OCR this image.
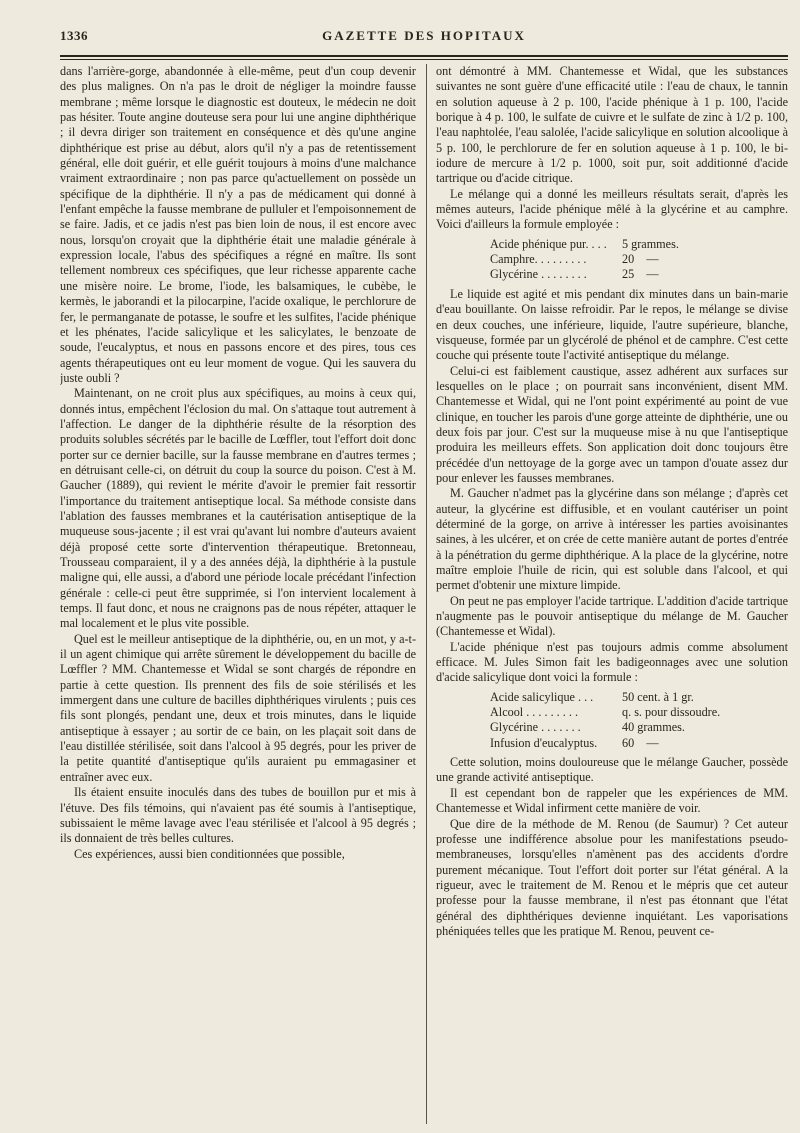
1336	GAZETTE DES HOPITAUX

dans l'arrière-gorge, abandonnée à elle-même, peut d'un coup devenir des plus malignes. On n'a pas le droit de négliger la moindre fausse membrane ; même lorsque le diagnostic est douteux, le médecin ne doit pas hésiter. Toute angine douteuse sera pour lui une angine diphthérique ; il devra diriger son traitement en conséquence et dès qu'une angine diphthérique est prise au début, alors qu'il n'y a pas de retentissement général, elle doit guérir, et elle guérit toujours à moins d'une malchance vraiment extraordinaire ; non pas parce qu'actuellement on possède un spécifique de la diphthérie. Il n'y a pas de médicament qui donné à l'enfant empêche la fausse membrane de pulluler et l'empoisonnement de se faire. Jadis, et ce jadis n'est pas bien loin de nous, il est encore avec nous, lorsqu'on croyait que la diphthérie était une maladie générale à expression locale, l'abus des spécifiques a régné en maître. Ils sont tellement nombreux ces spécifiques, que leur richesse apparente cache une misère noire. Le brome, l'iode, les balsamiques, le cubèbe, le kermès, le jaborandi et la pilocarpine, l'acide oxalique, le perchlorure de fer, le permanganate de potasse, le soufre et les sulfites, l'acide phénique et les phénates, l'acide salicylique et les salicylates, le benzoate de soude, l'eucalyptus, et nous en passons encore et des pires, tous ces agents thérapeutiques ont eu leur moment de vogue. Qui les sauvera du juste oubli ?

Maintenant, on ne croit plus aux spécifiques, au moins à ceux qui, donnés intus, empêchent l'éclosion du mal. On s'attaque tout autrement à l'affection. Le danger de la diphthérie résulte de la résorption des produits solubles sécrétés par le bacille de Lœffler, tout l'effort doit donc porter sur ce dernier bacille, sur la fausse membrane en d'autres termes ; en détruisant celle-ci, on détruit du coup la source du poison. C'est à M. Gaucher (1889), qui revient le mérite d'avoir le premier fait ressortir l'importance du traitement antiseptique local. Sa méthode consiste dans l'ablation des fausses membranes et la cautérisation antiseptique de la muqueuse sous-jacente ; il est vrai qu'avant lui nombre d'auteurs avaient déjà proposé cette sorte d'intervention thérapeutique. Bretonneau, Trousseau comparaient, il y a des années déjà, la diphthérie à la pustule maligne qui, elle aussi, a d'abord une période locale précédant l'infection générale : celle-ci peut être supprimée, si l'on intervient localement à temps. Il faut donc, et nous ne craignons pas de nous répéter, attaquer le mal localement et le plus vite possible.

Quel est le meilleur antiseptique de la diphthérie, ou, en un mot, y a-t-il un agent chimique qui arrête sûrement le développement du bacille de Lœffler ? MM. Chantemesse et Widal se sont chargés de répondre en partie à cette question. Ils prennent des fils de soie stérilisés et les immergent dans une culture de bacilles diphthériques virulents ; puis ces fils sont plongés, pendant une, deux et trois minutes, dans le liquide antiseptique à essayer ; au sortir de ce bain, on les plaçait soit dans de l'eau distillée stérilisée, soit dans l'alcool à 95 degrés, pour les priver de la petite quantité d'antiseptique qu'ils auraient pu emmagasiner et entraîner avec eux.

Ils étaient ensuite inoculés dans des tubes de bouillon pur et mis à l'étuve. Des fils témoins, qui n'avaient pas été soumis à l'antiseptique, subissaient le même lavage avec l'eau stérilisée et l'alcool à 95 degrés ; ils donnaient de très belles cultures.

Ces expériences, aussi bien conditionnées que possible,

ont démontré à MM. Chantemesse et Widal, que les substances suivantes ne sont guère d'une efficacité utile : l'eau de chaux, le tannin en solution aqueuse à 2 p. 100, l'acide phénique à 1 p. 100, l'acide borique à 4 p. 100, le sulfate de cuivre et le sulfate de zinc à 1/2 p. 100, l'eau naphtolée, l'eau salolée, l'acide salicylique en solution alcoolique à 5 p. 100, le perchlorure de fer en solution aqueuse à 1 p. 100, le bi-iodure de mercure à 1/2 p. 1000, soit pur, soit additionné d'acide tartrique ou d'acide citrique.

Le mélange qui a donné les meilleurs résultats serait, d'après les mêmes auteurs, l'acide phénique mêlé à la glycérine et au camphre. Voici d'ailleurs la formule employée :

Acide phénique pur. . . .	5 grammes.
Camphre. . . . . . . . .	20    —
Glycérine . . . . . . . .	25    —

Le liquide est agité et mis pendant dix minutes dans un bain-marie d'eau bouillante. On laisse refroidir. Par le repos, le mélange se divise en deux couches, une inférieure, liquide, l'autre supérieure, blanche, visqueuse, formée par un glycérolé de phénol et de camphre. C'est cette couche qui présente toute l'activité antiseptique du mélange.

Celui-ci est faiblement caustique, assez adhérent aux surfaces sur lesquelles on le place ; on pourrait sans inconvénient, disent MM. Chantemesse et Widal, qui ne l'ont point expérimenté au point de vue clinique, en toucher les parois d'une gorge atteinte de diphthérie, une ou deux fois par jour. C'est sur la muqueuse mise à nu que l'antiseptique produira les meilleurs effets. Son application doit donc toujours être précédée d'un nettoyage de la gorge avec un tampon d'ouate assez dur pour enlever les fausses membranes.

M. Gaucher n'admet pas la glycérine dans son mélange ; d'après cet auteur, la glycérine est diffusible, et en voulant cautériser un point déterminé de la gorge, on arrive à intéresser les parties avoisinantes saines, à les ulcérer, et on crée de cette manière autant de portes d'entrée à la pénétration du germe diphthérique. A la place de la glycérine, notre maître emploie l'huile de ricin, qui est soluble dans l'alcool, et qui permet d'obtenir une mixture limpide.

On peut ne pas employer l'acide tartrique. L'addition d'acide tartrique n'augmente pas le pouvoir antiseptique du mélange de M. Gaucher (Chantemesse et Widal).

L'acide phénique n'est pas toujours admis comme absolument efficace. M. Jules Simon fait les badigeonnages avec une solution d'acide salicylique dont voici la formule :

Acide salicylique . . .	50 cent. à 1 gr.
Alcool . . . . . . . . .	q. s. pour dissoudre.
Glycérine . . . . . . .	40 grammes.
Infusion d'eucalyptus.	60    —

Cette solution, moins douloureuse que le mélange Gaucher, possède une grande activité antiseptique.

Il est cependant bon de rappeler que les expériences de MM. Chantemesse et Widal infirment cette manière de voir.

Que dire de la méthode de M. Renou (de Saumur) ? Cet auteur professe une indifférence absolue pour les manifestations pseudo-membraneuses, lorsqu'elles n'amènent pas des accidents d'ordre purement mécanique. Tout l'effort doit porter sur l'état général. A la rigueur, avec le traitement de M. Renou et le mépris que cet auteur professe pour la fausse membrane, il n'est pas étonnant que l'état général des diphthériques devienne inquiétant. Les vaporisations phéniquées telles que les pratique M. Renou, peuvent ce-
